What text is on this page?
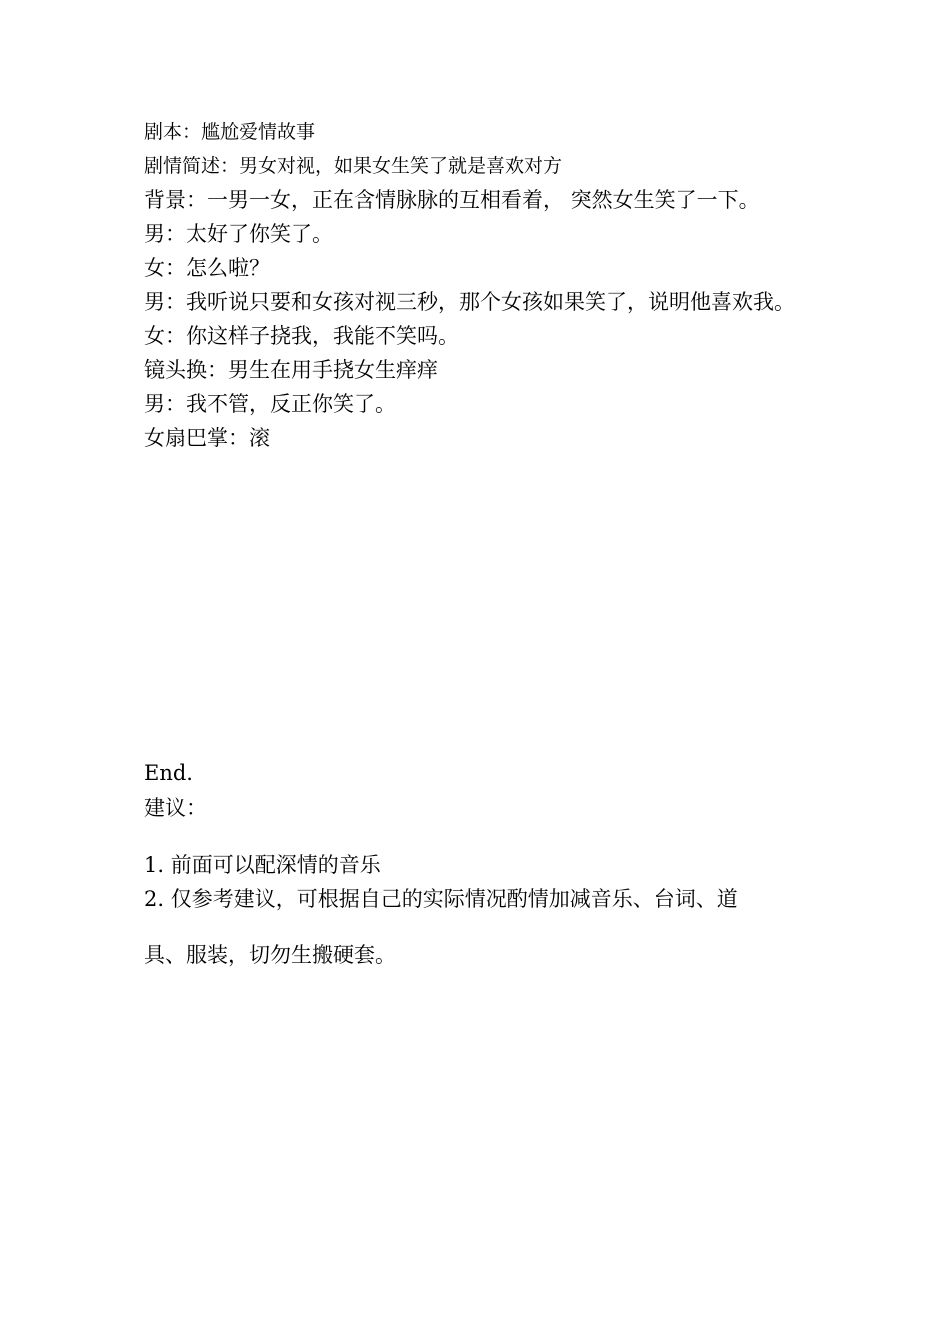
剧本：尴尬爱情故事
剧情简述：男女对视，如果女生笑了就是喜欢对方
背景：一男一女，正在含情脉脉的互相看着， 突然女生笑了一下。
男：太好了你笑了。
女：怎么啦？
男：我听说只要和女孩对视三秒，那个女孩如果笑了，说明他喜欢我。
女：你这样子挠我，我能不笑吗。
镜头换：男生在用手挠女生痒痒
男：我不管，反正你笑了。
女扇巴掌：滚
End.
建议：
1. 前面可以配深情的音乐
2. 仅参考建议，可根据自己的实际情况酌情加减音乐、台词、道
具、服装，切勿生搬硬套。
